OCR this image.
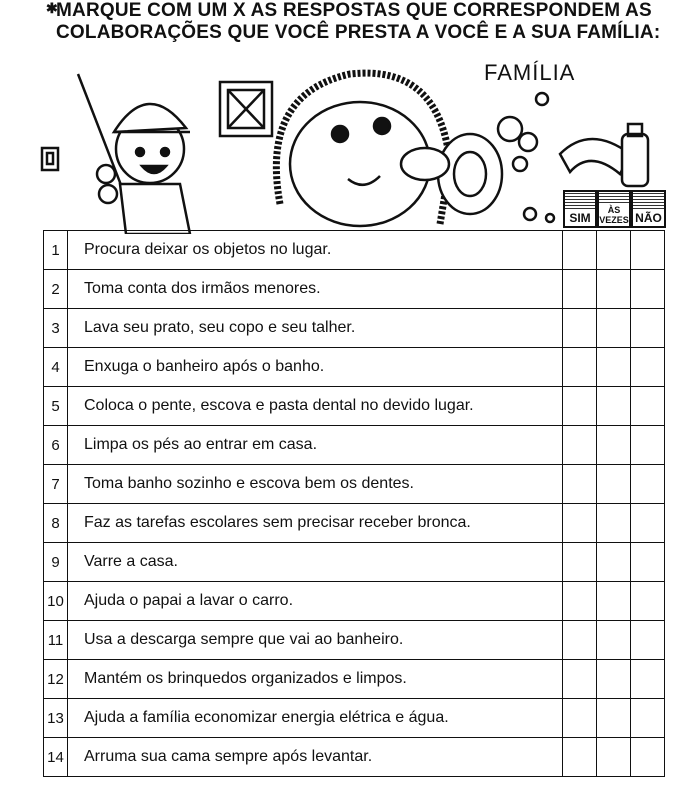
✱
MARQUE COM UM X AS RESPOSTAS QUE CORRESPONDEM AS
COLABORAÇÕES QUE VOCÊ PRESTA A VOCÊ E A SUA FAMÍLIA:
FAMÍLIA
SIM
ÀS VEZES NÃO
1	Procura deixar os objetos no lugar.			
2	Toma conta dos irmãos menores.			
3	Lava seu prato, seu copo e seu talher.			
4	Enxuga o banheiro após o banho.			
5	Coloca o pente, escova e pasta dental no devido lugar.			
6	Limpa os pés ao entrar em casa.			
7	Toma banho sozinho e escova bem os dentes.			
8	Faz as tarefas escolares sem precisar receber bronca.			
9	Varre a casa.			
10	Ajuda o papai a lavar o carro.			
11	Usa a descarga sempre que vai ao banheiro.			
12	Mantém os brinquedos organizados e limpos.			
13	Ajuda a família economizar energia elétrica e água.			
14	Arruma sua cama sempre após levantar.			
